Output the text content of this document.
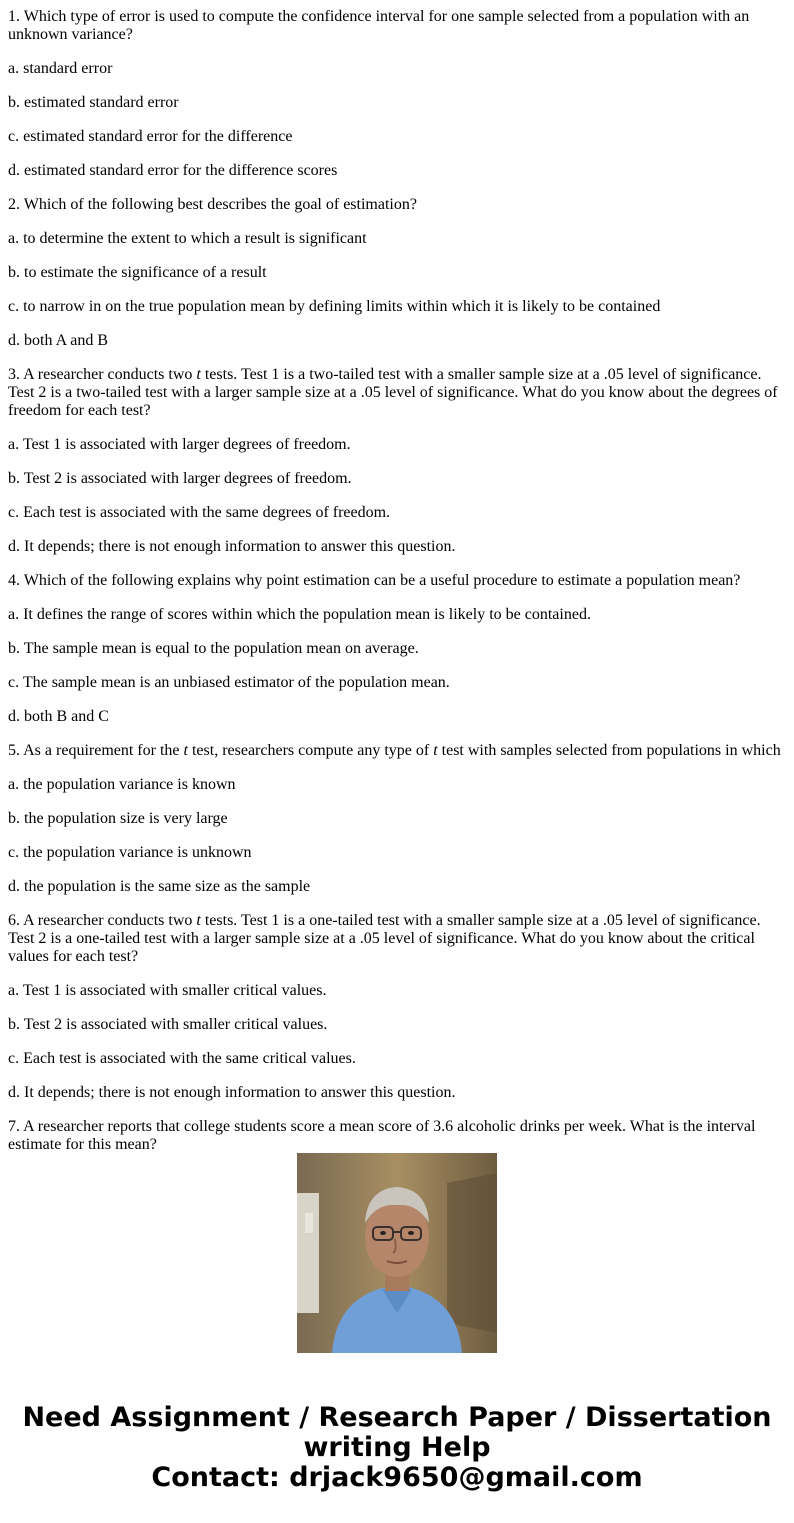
1. Which type of error is used to compute the confidence interval for one sample selected from a population with an unknown variance?

a. standard error

b. estimated standard error

c. estimated standard error for the difference

d. estimated standard error for the difference scores

2. Which of the following best describes the goal of estimation?

a. to determine the extent to which a result is significant

b. to estimate the significance of a result

c. to narrow in on the true population mean by defining limits within which it is likely to be contained

d. both A and B

3. A researcher conducts two t tests. Test 1 is a two-tailed test with a smaller sample size at a .05 level of significance. Test 2 is a two-tailed test with a larger sample size at a .05 level of significance. What do you know about the degrees of freedom for each test?

a. Test 1 is associated with larger degrees of freedom.

b. Test 2 is associated with larger degrees of freedom.

c. Each test is associated with the same degrees of freedom.

d. It depends; there is not enough information to answer this question.

4. Which of the following explains why point estimation can be a useful procedure to estimate a population mean?

a. It defines the range of scores within which the population mean is likely to be contained.

b. The sample mean is equal to the population mean on average.

c. The sample mean is an unbiased estimator of the population mean.

d. both B and C

5. As a requirement for the t test, researchers compute any type of t test with samples selected from populations in which

a. the population variance is known

b. the population size is very large

c. the population variance is unknown

d. the population is the same size as the sample

6. A researcher conducts two t tests. Test 1 is a one-tailed test with a smaller sample size at a .05 level of significance. Test 2 is a one-tailed test with a larger sample size at a .05 level of significance. What do you know about the critical values for each test?

a. Test 1 is associated with smaller critical values.

b. Test 2 is associated with smaller critical values.

c. Each test is associated with the same critical values.

d. It depends; there is not enough information to answer this question.

7. A researcher reports that college students score a mean score of 3.6 alcoholic drinks per week. What is the interval estimate for this mean?

Need Assignment / Research Paper / Dissertation
writing Help
Contact: drjack9650@gmail.com
